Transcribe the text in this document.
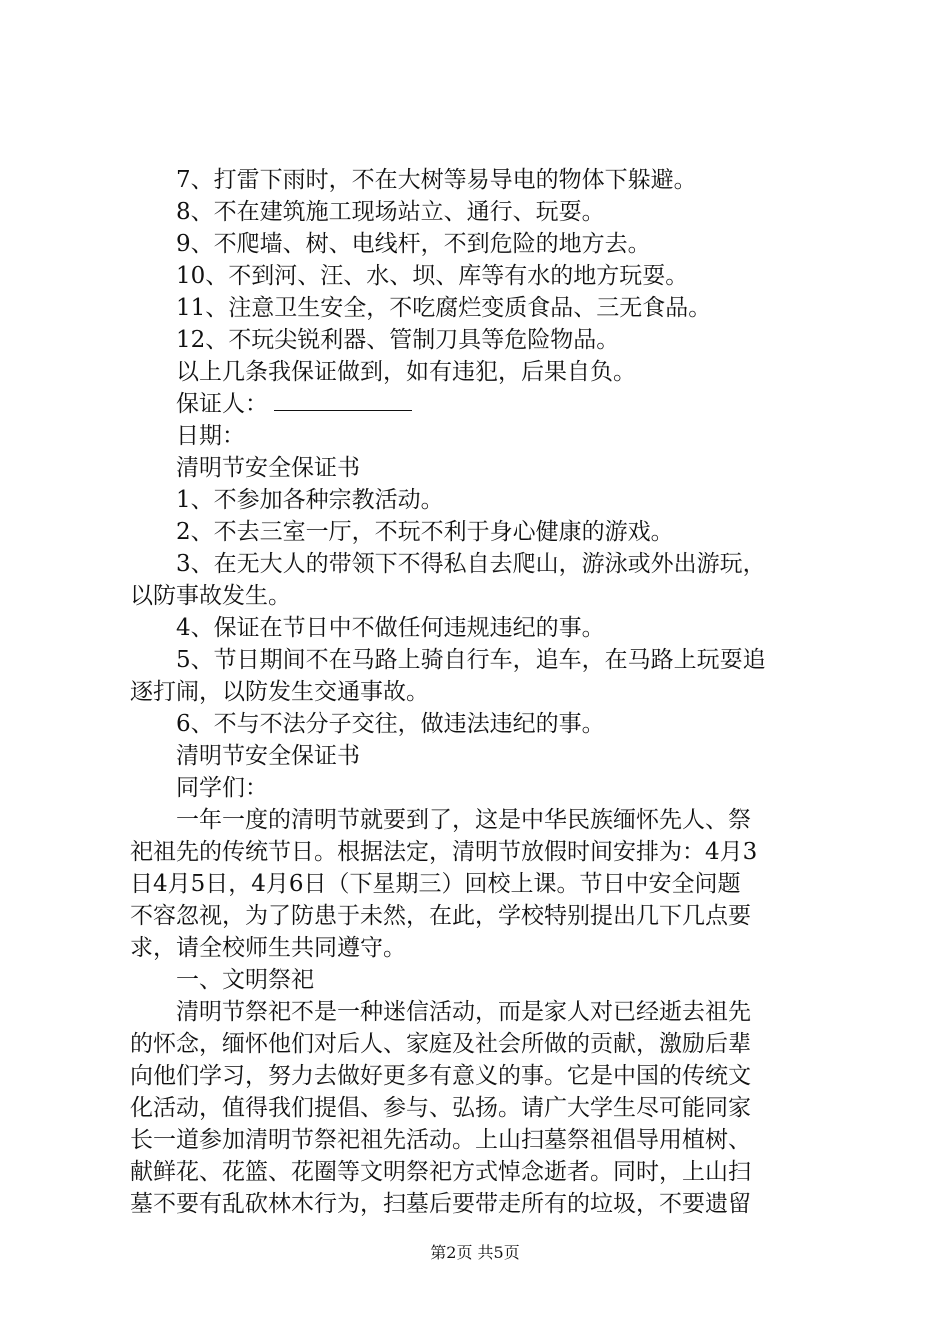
7、打雷下雨时，不在大树等易导电的物体下躲避。
8、不在建筑施工现场站立、通行、玩耍。
9、不爬墙、树、电线杆，不到危险的地方去。
10、不到河、汪、水、坝、库等有水的地方玩耍。
11、注意卫生安全，不吃腐烂变质食品、三无食品。
12、不玩尖锐利器、管制刀具等危险物品。
以上几条我保证做到，如有违犯，后果自负。
保证人：
日期：
清明节安全保证书
1、不参加各种宗教活动。
2、不去三室一厅，不玩不利于身心健康的游戏。
3、在无大人的带领下不得私自去爬山，游泳或外出游玩，
以防事故发生。
4、保证在节日中不做任何违规违纪的事。
5、节日期间不在马路上骑自行车，追车，在马路上玩耍追
逐打闹，以防发生交通事故。
6、不与不法分子交往，做违法违纪的事。
清明节安全保证书
同学们：
一年一度的清明节就要到了，这是中华民族缅怀先人、祭
祀祖先的传统节日。根据法定，清明节放假时间安排为：4月3
日4月5日，4月6日（下星期三）回校上课。节日中安全问题
不容忽视，为了防患于未然，在此，学校特别提出几下几点要
求，请全校师生共同遵守。
一、文明祭祀
清明节祭祀不是一种迷信活动，而是家人对已经逝去祖先
的怀念，缅怀他们对后人、家庭及社会所做的贡献，激励后辈
向他们学习，努力去做好更多有意义的事。它是中国的传统文
化活动，值得我们提倡、参与、弘扬。请广大学生尽可能同家
长一道参加清明节祭祀祖先活动。上山扫墓祭祖倡导用植树、
献鲜花、花篮、花圈等文明祭祀方式悼念逝者。同时，上山扫
墓不要有乱砍林木行为，扫墓后要带走所有的垃圾，不要遗留
第2页 共5页
